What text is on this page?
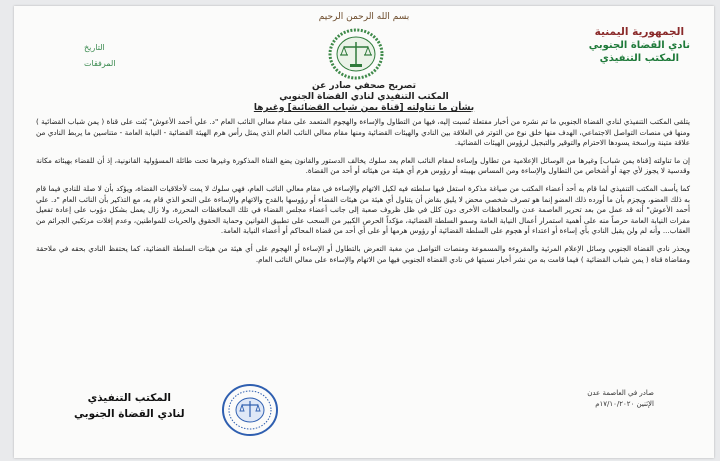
بسم الله الرحمن الرحيم
الجمهورية اليمنية
نادي القضاة الجنوبي
المكتب التنفيذي
التاريخ
المرفقات
تصريح صحفي صادر عن
المكتب التنفيذي لنادي القضاة الجنوبي
بشأن ما تناولته [قناة يمن شباب القضائية] وغيرها

يتلقى المكتب التنفيذي لنادي القضاة الجنوبي ما تم نشره من أخبار مفتعلة نُسبت إليه، فيها من التطاول والإساءة والهجوم المتعمد على مقام معالي النائب العام "د. علي أحمد الأعوش" بُثت على قناة ( يمن شباب القضائية ) ومنها في منصات التواصل الاجتماعي، الهدف منها خلق نوع من التوتر في العلاقة بين النادي والهيئات القضائية ومنها مقام معالي النائب العام الذي يمثل رأس هرم الهيئة القضائية - النيابة العامة - متناسين ما يربط النادي من علاقة متينة وراسخة يسودها الاحترام والتوقير والتبجيل لرؤوس الهيئات القضائية.

إن ما تناولته [قناة يمن شباب] وغيرها من الوسائل الإعلامية من تطاول وإساءة لمقام النائب العام يعد سلوك يخالف الدستور والقانون يضع القناة المذكورة وغيرها تحت طائلة المسؤولية القانونية، إذ أن للقضاء بهيئاته مكانة وقدسية لا يجوز لأي جهة أو أشخاص من التطاول والإساءة ومن المساس بهيبته أو رؤوس هرم أي هيئة من هيئاته أو أحد من القضاة.

كما يأسف المكتب التنفيذي لما قام به أحد أعضاء المكتب من صياغة مذكرة استغل فيها سلطته فيه لكيل الاتهام والإساءة في مقام معالي النائب العام، فهي سلوك لا يمت لأخلاقيات القضاة، ويؤكد بأن لا صلة للنادي فيما قام به ذلك العضو، ويجزم بأن ما أورده ذلك العضو إنما هو تصرف شخصي محض لا يليق بقاض أن يتناول أي هيئة من هيئات القضاء أو رؤوسها بالقدح والاتهام والإساءة على النحو الذي قام به، مع التذكير بأن النائب العام "د. علي أحمد الأعوش" أنه قد عمل من بعد تحرير العاصمة عدن والمحافظات الأخرى دون كلل في ظل ظروف صعبة إلى جانب أعضاء مجلس القضاء في تلك المحافظات المحررة، ولا زال يعمل بشكل دؤوب على إعادة تفعيل مقرات النيابة العامة حرصاً منه على أهمية استمرار أعمال النيابة العامة وسمو السلطة القضائية، مؤكداً الحرص الكبير من السحب على تطبيق القوانين وحماية الحقوق والحريات للمواطنين، وعدم إفلات مرتكبي الجرائم من العقاب... وأنه لم ولن يقبل النادي بأي إساءة أو اعتداء أو هجوم على السلطة القضائية أو رؤوس هرمها أو على أي أحد من قضاة المحاكم أو أعضاء النيابة العامة.

ويحذر نادي القضاة الجنوبي وسائل الإعلام المرئية والمقروءة والمسموعة ومنصات التواصل من مغبة التعرض بالتطاول أو الإساءة أو الهجوم على أي هيئة من هيئات السلطة القضائية، كما يحتفظ النادي بحقه في ملاحقة ومقاضاة قناة ( يمن شباب القضائية ) فيما قامت به من نشر أخبار نسبتها في نادي القضاة الجنوبي فيها من الاتهام والإساءة على معالي النائب العام.

المكتب التنفيذي
لنادي القضاة الجنوبي
صادر في العاصمة عدن
الإثنين ١٧/١٠/٢٠٢٠م
